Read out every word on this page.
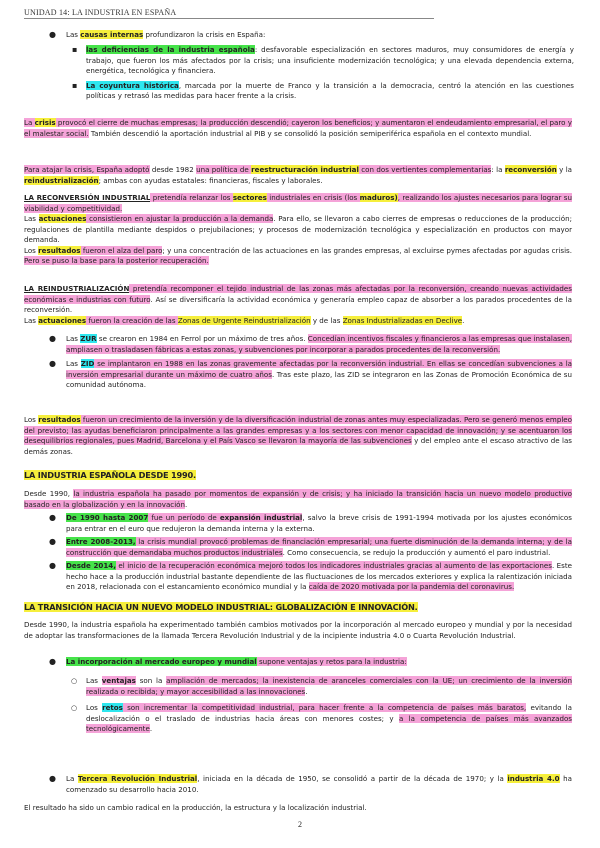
UNIDAD 14: LA INDUSTRIA EN ESPAÑA
● Las causas internas profundizaron la crisis en España:
▪ las deficiencias de la industria española: desfavorable especialización en sectores maduros, muy consumidores de energía y trabajo, que fueron los más afectados por la crisis; una insuficiente modernización tecnológica; y una elevada dependencia externa, energética, tecnológica y financiera.
▪ La coyuntura histórica, marcada por la muerte de Franco y la transición a la democracia, centró la atención en las cuestiones políticas y retrasó las medidas para hacer frente a la crisis.
La crisis provocó el cierre de muchas empresas; la producción descendió; cayeron los beneficios; y aumentaron el endeudamiento empresarial, el paro y el malestar social. También descendió la aportación industrial al PIB y se consolidó la posición semiperiférica española en el contexto mundial.
Para atajar la crisis, España adoptó desde 1982 una política de reestructuración industrial con dos vertientes complementarias: la reconversión y la reindustrialización; ambas con ayudas estatales: financieras, fiscales y laborales.

LA RECONVERSIÓN INDUSTRIAL pretendía relanzar los sectores industriales en crisis (los maduros), realizando los ajustes necesarios para lograr su viabilidad y competitividad.

Las actuaciones consistieron en ajustar la producción a la demanda. Para ello, se llevaron a cabo cierres de empresas o reducciones de la producción; regulaciones de plantilla mediante despidos o prejubilaciones; y procesos de modernización tecnológica y especialización en productos con mayor demanda.

Los resultados fueron el alza del paro; y una concentración de las actuaciones en las grandes empresas, al excluirse pymes afectadas por agudas crisis. Pero se puso la base para la posterior recuperación.

LA REINDUSTRIALIZACIÓN pretendía recomponer el tejido industrial de las zonas más afectadas por la reconversión, creando nuevas actividades económicas e industrias con futuro. Así se diversificaría la actividad económica y generaría empleo capaz de absorber a los parados procedentes de la reconversión.

Las actuaciones fueron la creación de las Zonas de Urgente Reindustrialización y de las Zonas Industrializadas en Declive.

● Las ZUR se crearon en 1984 en Ferrol por un máximo de tres años. Concedían incentivos fiscales y financieros a las empresas que instalasen, ampliasen o trasladasen fábricas a estas zonas, y subvenciones por incorporar a parados procedentes de la reconversión.
● Las ZID se implantaron en 1988 en las zonas gravemente afectadas por la reconversión industrial. En ellas se concedían subvenciones a la inversión empresarial durante un máximo de cuatro años. Tras este plazo, las ZID se integraron en las Zonas de Promoción Económica de su comunidad autónoma.
Los resultados fueron un crecimiento de la inversión y de la diversificación industrial de zonas antes muy especializadas. Pero se generó menos empleo del previsto; las ayudas beneficiaron principalmente a las grandes empresas y a los sectores con menor capacidad de innovación; y se acentuaron los desequilibrios regionales, pues Madrid, Barcelona y el País Vasco se llevaron la mayoría de las subvenciones y del empleo ante el escaso atractivo de las demás zonas.
LA INDUSTRIA ESPAÑOLA DESDE 1990.
Desde 1990, la industria española ha pasado por momentos de expansión y de crisis; y ha iniciado la transición hacia un nuevo modelo productivo basado en la globalización y en la innovación.
● De 1990 hasta 2007 fue un período de expansión industrial, salvo la breve crisis de 1991-1994 motivada por los ajustes económicos para entrar en el euro que redujeron la demanda interna y la externa.
● Entre 2008-2013, la crisis mundial provocó problemas de financiación empresarial; una fuerte disminución de la demanda interna; y de la construcción que demandaba muchos productos industriales. Como consecuencia, se redujo la producción y aumentó el paro industrial.
● Desde 2014, el inicio de la recuperación económica mejoró todos los indicadores industriales gracias al aumento de las exportaciones. Este hecho hace a la producción industrial bastante dependiente de las fluctuaciones de los mercados exteriores y explica la ralentización iniciada en 2018, relacionada con el estancamiento económico mundial y la caída de 2020 motivada por la pandemia del coronavirus.
LA TRANSICIÓN HACIA UN NUEVO MODELO INDUSTRIAL: GLOBALIZACIÓN E INNOVACIÓN.
Desde 1990, la industria española ha experimentado también cambios motivados por la incorporación al mercado europeo y mundial y por la necesidad de adoptar las transformaciones de la llamada Tercera Revolución Industrial y de la incipiente industria 4.0 o Cuarta Revolución Industrial.
● La incorporación al mercado europeo y mundial supone ventajas y retos para la industria:
○ Las ventajas son la ampliación de mercados; la inexistencia de aranceles comerciales con la UE; un crecimiento de la inversión realizada o recibida; y mayor accesibilidad a las innovaciones.
○ Los retos son incrementar la competitividad industrial, para hacer frente a la competencia de países más baratos, evitando la deslocalización o el traslado de industrias hacia áreas con menores costes; y a la competencia de países más avanzados tecnológicamente.
● La Tercera Revolución Industrial, iniciada en la década de 1950, se consolidó a partir de la década de 1970; y la industria 4.0 ha comenzado su desarrollo hacia 2010.
El resultado ha sido un cambio radical en la producción, la estructura y la localización industrial.
2
